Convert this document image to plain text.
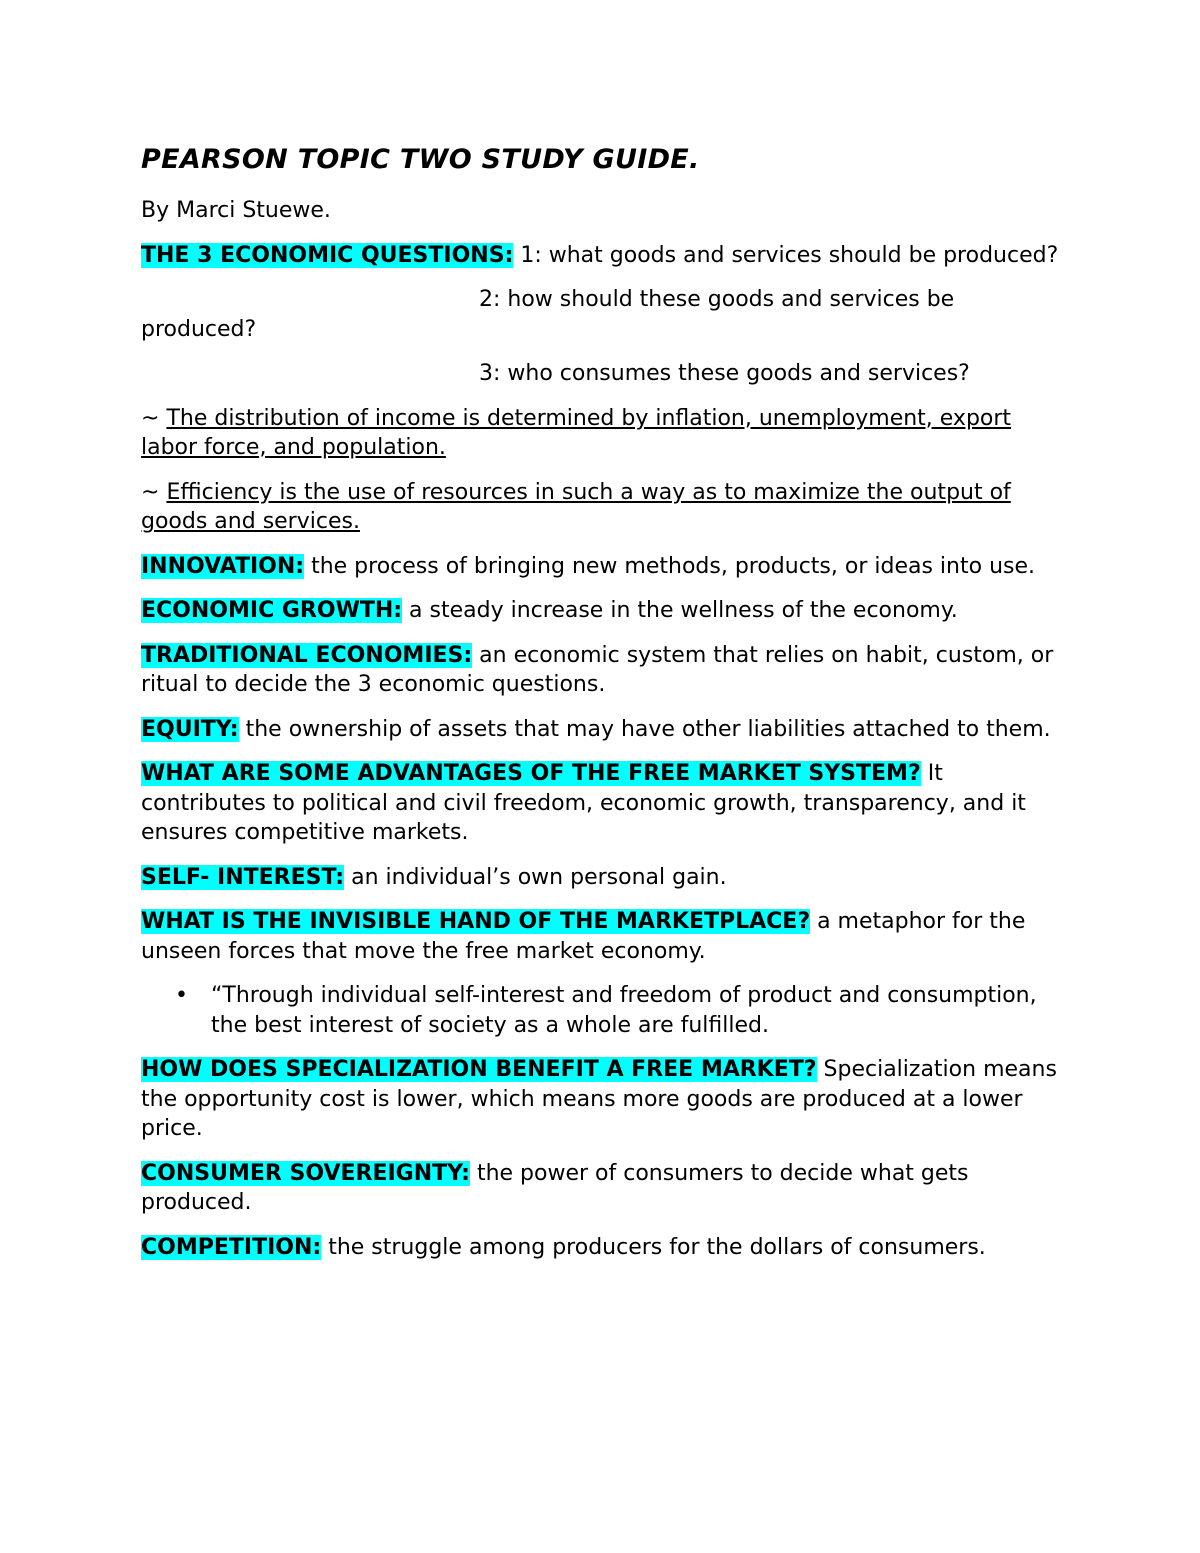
PEARSON TOPIC TWO STUDY GUIDE.

By Marci Stuewe.

THE 3 ECONOMIC QUESTIONS: 1: what goods and services should be produced?

2: how should these goods and services be
produced?

3: who consumes these goods and services?

~ The distribution of income is determined by inflation, unemployment, export labor force, and population.

~ Efficiency is the use of resources in such a way as to maximize the output of goods and services.

INNOVATION: the process of bringing new methods, products, or ideas into use.

ECONOMIC GROWTH: a steady increase in the wellness of the economy.

TRADITIONAL ECONOMIES: an economic system that relies on habit, custom, or ritual to decide the 3 economic questions.

EQUITY: the ownership of assets that may have other liabilities attached to them.

WHAT ARE SOME ADVANTAGES OF THE FREE MARKET SYSTEM? It contributes to political and civil freedom, economic growth, transparency, and it ensures competitive markets.

SELF- INTEREST: an individual’s own personal gain.

WHAT IS THE INVISIBLE HAND OF THE MARKETPLACE? a metaphor for the unseen forces that move the free market economy.

• “Through individual self-interest and freedom of product and consumption, the best interest of society as a whole are fulfilled.

HOW DOES SPECIALIZATION BENEFIT A FREE MARKET? Specialization means the opportunity cost is lower, which means more goods are produced at a lower price.

CONSUMER SOVEREIGNTY: the power of consumers to decide what gets produced.

COMPETITION: the struggle among producers for the dollars of consumers.
